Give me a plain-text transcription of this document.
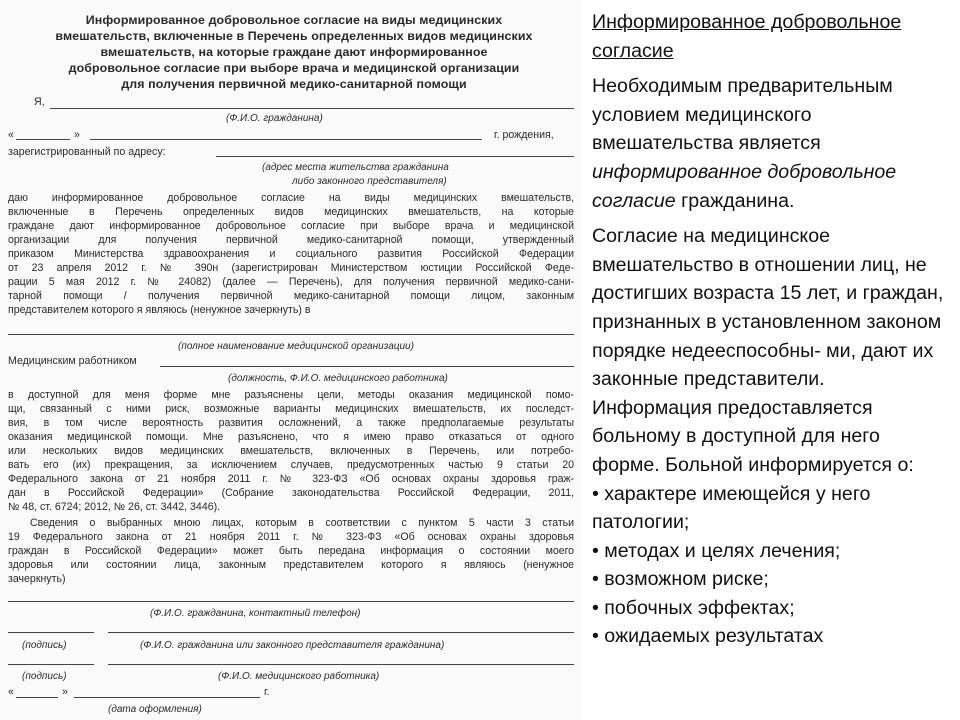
Информированное добровольное согласие на виды медицинских
вмешательств, включенные в Перечень определенных видов медицинских
вмешательств, на которые граждане дают информированное
добровольное согласие при выборе врача и медицинской организации
для получения первичной медико-санитарной помощи
Я,
(Ф.И.О. гражданина)
«	»	г. рождения,
зарегистрированный по адресу:
(адрес места жительства гражданина
либо законного представителя)
даю информированное добровольное согласие на виды медицинских вмешательств,
включенные в Перечень определенных видов медицинских вмешательств, на которые
граждане дают информированное добровольное согласие при выборе врача и медицинской
организации для получения первичной медико-санитарной помощи, утвержденный
приказом Министерства здравоохранения и социального развития Российской Федерации
от 23 апреля 2012 г. № 390н (зарегистрирован Министерством юстиции Российской Феде-
рации 5 мая 2012 г. № 24082) (далее — Перечень), для получения первичной медико-сани-
тарной помощи / получения первичной медико-санитарной помощи лицом, законным
представителем которого я являюсь (ненужное зачеркнуть) в
(полное наименование медицинской организации)
Медицинским работником
(должность, Ф.И.О. медицинского работника)
в доступной для меня форме мне разъяснены цели, методы оказания медицинской помо-
щи, связанный с ними риск, возможные варианты медицинских вмешательств, их последст-
вия, в том числе вероятность развития осложнений, а также предполагаемые результаты
оказания медицинской помощи. Мне разъяснено, что я имею право отказаться от одного
или нескольких видов медицинских вмешательств, включенных в Перечень, или потребо-
вать его (их) прекращения, за исключением случаев, предусмотренных частью 9 статьи 20
Федерального закона от 21 ноября 2011 г. № 323-ФЗ «Об основах охраны здоровья граж-
дан в Российской Федерации» (Собрание законодательства Российской Федерации, 2011,
№ 48, ст. 6724; 2012, № 26, ст. 3442, 3446).
Сведения о выбранных мною лицах, которым в соответствии с пунктом 5 части 3 статьи
19 Федерального закона от 21 ноября 2011 г. № 323-ФЗ «Об основах охраны здоровья
граждан в Российской Федерации» может быть передана информация о состоянии моего
здоровья или состоянии лица, законным представителем которого я являюсь (ненужное
зачеркнуть)
(Ф.И.О. гражданина, контактный телефон)
(подпись)	(Ф.И.О. гражданина или законного представителя гражданина)
(подпись)	(Ф.И.О. медицинского работника)
«	»	г.
(дата оформления)

Информированное добровольное согласие

Необходимым предварительным условием медицинского вмешательства является информированное добровольное согласие гражданина.

Согласие на медицинское вмешательство в отношении лиц, не достигших возраста 15 лет, и граждан, признанных в установленном законом порядке недееспособны- ми, дают их законные представители.

Информация предоставляется больному в доступной для него форме. Больной информируется о:

• характере имеющейся у него патологии;

• методах и целях лечения;

• возможном риске;

• побочных эффектах;

• ожидаемых результатах
